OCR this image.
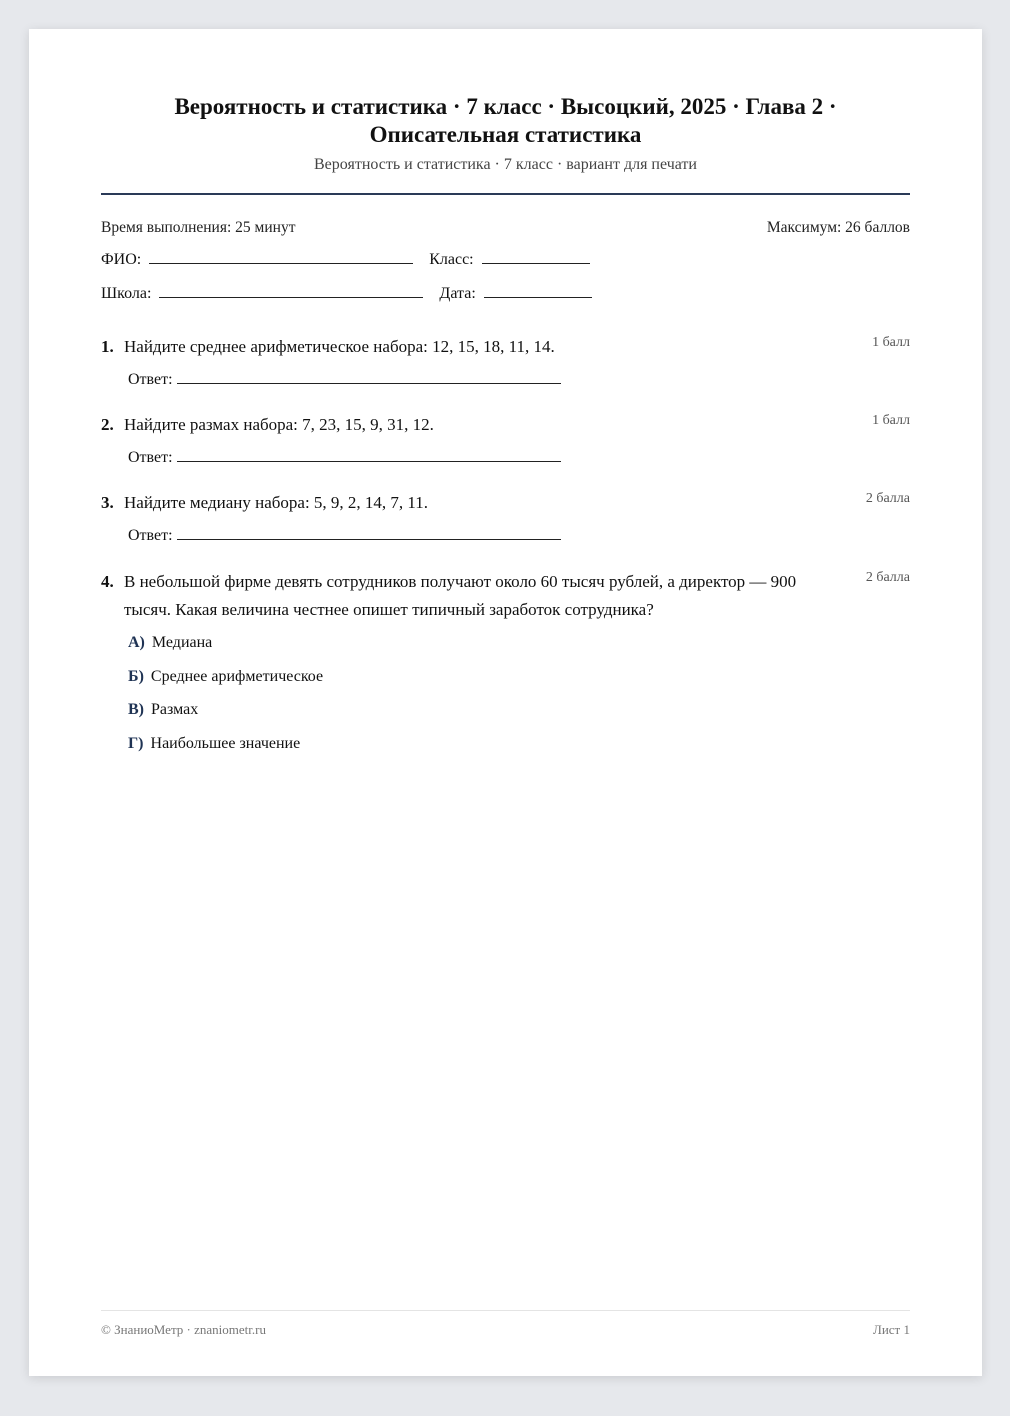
Вероятность и статистика · 7 класс · Высоцкий, 2025 · Глава 2 · Описательная статистика
Вероятность и статистика · 7 класс · вариант для печати
Время выполнения: 25 минут	Максимум: 26 баллов
ФИО:	Класс:
Школа:	Дата:
1. Найдите среднее арифметическое набора: 12, 15, 18, 11, 14.	1 балл
Ответ:
2. Найдите размах набора: 7, 23, 15, 9, 31, 12.	1 балл
Ответ:
3. Найдите медиану набора: 5, 9, 2, 14, 7, 11.	2 балла
Ответ:
4. В небольшой фирме девять сотрудников получают около 60 тысяч рублей, а директор — 900 тысяч. Какая величина честнее опишет типичный заработок сотрудника?
2 балла
А) Медиана
Б) Среднее арифметическое
В) Размах
Г) Наибольшее значение
© ЗнаниоМетр · znaniometr.ru	Лист 1
